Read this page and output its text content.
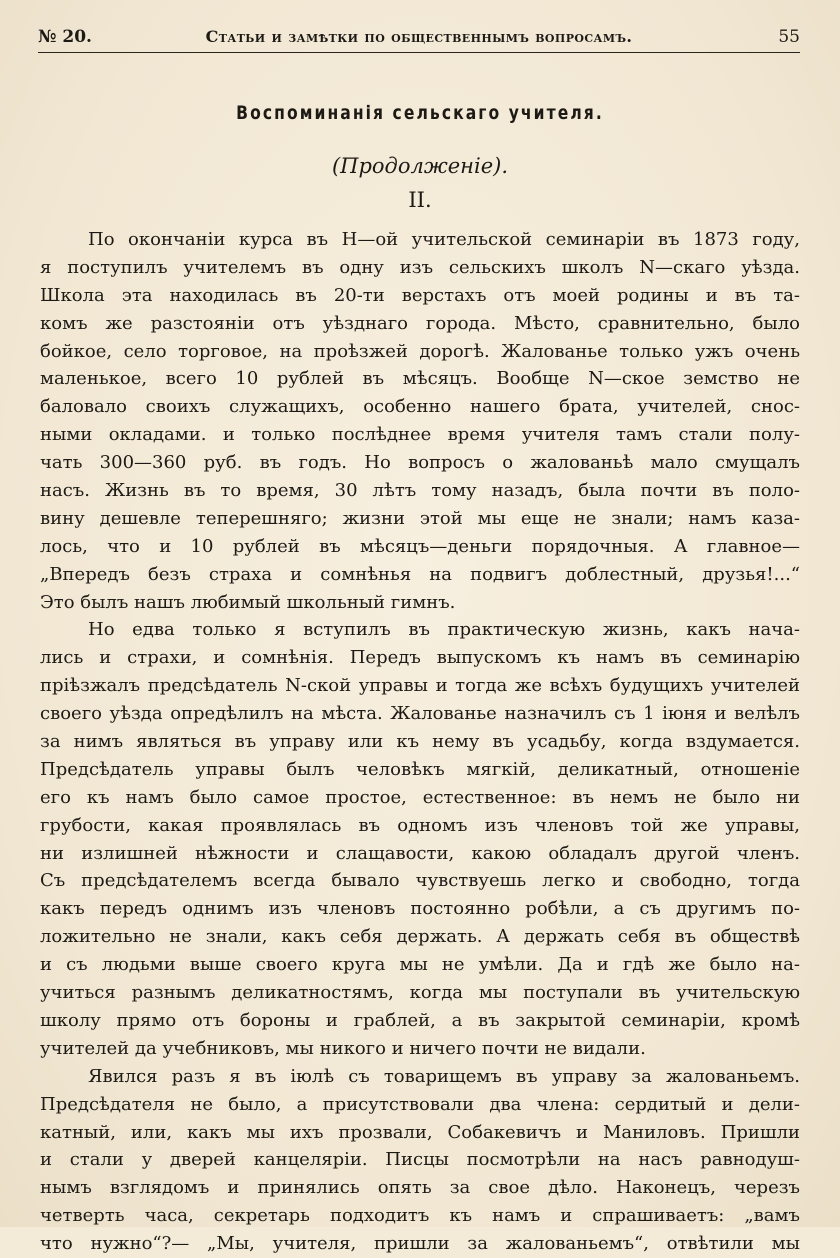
№ 20.	Статьи и замѣтки по общественнымъ вопросамъ.	55
Воспоминанія сельскаго учителя.
(Продолженіе).
II.
По окончаніи курса въ Н—ой учительской семинаріи въ 1873 году,
я поступилъ учителемъ въ одну изъ сельскихъ школъ N—скаго уѣзда.
Школа эта находилась въ 20-ти верстахъ отъ моей родины и въ та-
комъ же разстояніи отъ уѣзднаго города. Мѣсто, сравнительно, было
бойкое, село торговое, на проѣзжей дорогѣ. Жалованье только ужъ очень
маленькое, всего 10 рублей въ мѣсяцъ. Вообще N—ское земство не
баловало своихъ служащихъ, особенно нашего брата, учителей, снос-
ными окладами. и только послѣднее время учителя тамъ стали полу-
чать 300—360 руб. въ годъ. Но вопросъ о жалованьѣ мало смущалъ
насъ. Жизнь въ то время, 30 лѣтъ тому назадъ, была почти въ поло-
вину дешевле теперешняго; жизни этой мы еще не знали; намъ каза-
лось, что и 10 рублей въ мѣсяцъ—деньги порядочныя. А главное—
„Впередъ безъ страха и сомнѣнья на подвигъ доблестный, друзья!...“
Это былъ нашъ любимый школьный гимнъ.
Но едва только я вступилъ въ практическую жизнь, какъ нача-
лись и страхи, и сомнѣнія. Передъ выпускомъ къ намъ въ семинарію
пріѣзжалъ предсѣдатель N-ской управы и тогда же всѣхъ будущихъ учителей
своего уѣзда опредѣлилъ на мѣста. Жалованье назначилъ съ 1 іюня и велѣлъ
за нимъ являться въ управу или къ нему въ усадьбу, когда вздумается.
Предсѣдатель управы былъ человѣкъ мягкій, деликатный, отношеніе
его къ намъ было самое простое, естественное: въ немъ не было ни
грубости, какая проявлялась въ одномъ изъ членовъ той же управы,
ни излишней нѣжности и слащавости, какою обладалъ другой членъ.
Съ предсѣдателемъ всегда бывало чувствуешь легко и свободно, тогда
какъ передъ однимъ изъ членовъ постоянно робѣли, а съ другимъ по-
ложительно не знали, какъ себя держать. А держать себя въ обществѣ
и съ людьми выше своего круга мы не умѣли. Да и гдѣ же было на-
учиться разнымъ деликатностямъ, когда мы поступали въ учительскую
школу прямо отъ бороны и граблей, а въ закрытой семинаріи, кромѣ
учителей да учебниковъ, мы никого и ничего почти не видали.
Явился разъ я въ іюлѣ съ товарищемъ въ управу за жалованьемъ.
Предсѣдателя не было, а присутствовали два члена: сердитый и дели-
катный, или, какъ мы ихъ прозвали, Собакевичъ и Маниловъ. Пришли
и стали у дверей канцеляріи. Писцы посмотрѣли на насъ равнодуш-
нымъ взглядомъ и принялись опять за свое дѣло. Наконецъ, черезъ
четверть часа, секретарь подходитъ къ намъ и спрашиваетъ: „вамъ
что нужно“?— „Мы, учителя, пришли за жалованьемъ“, отвѣтили мы
